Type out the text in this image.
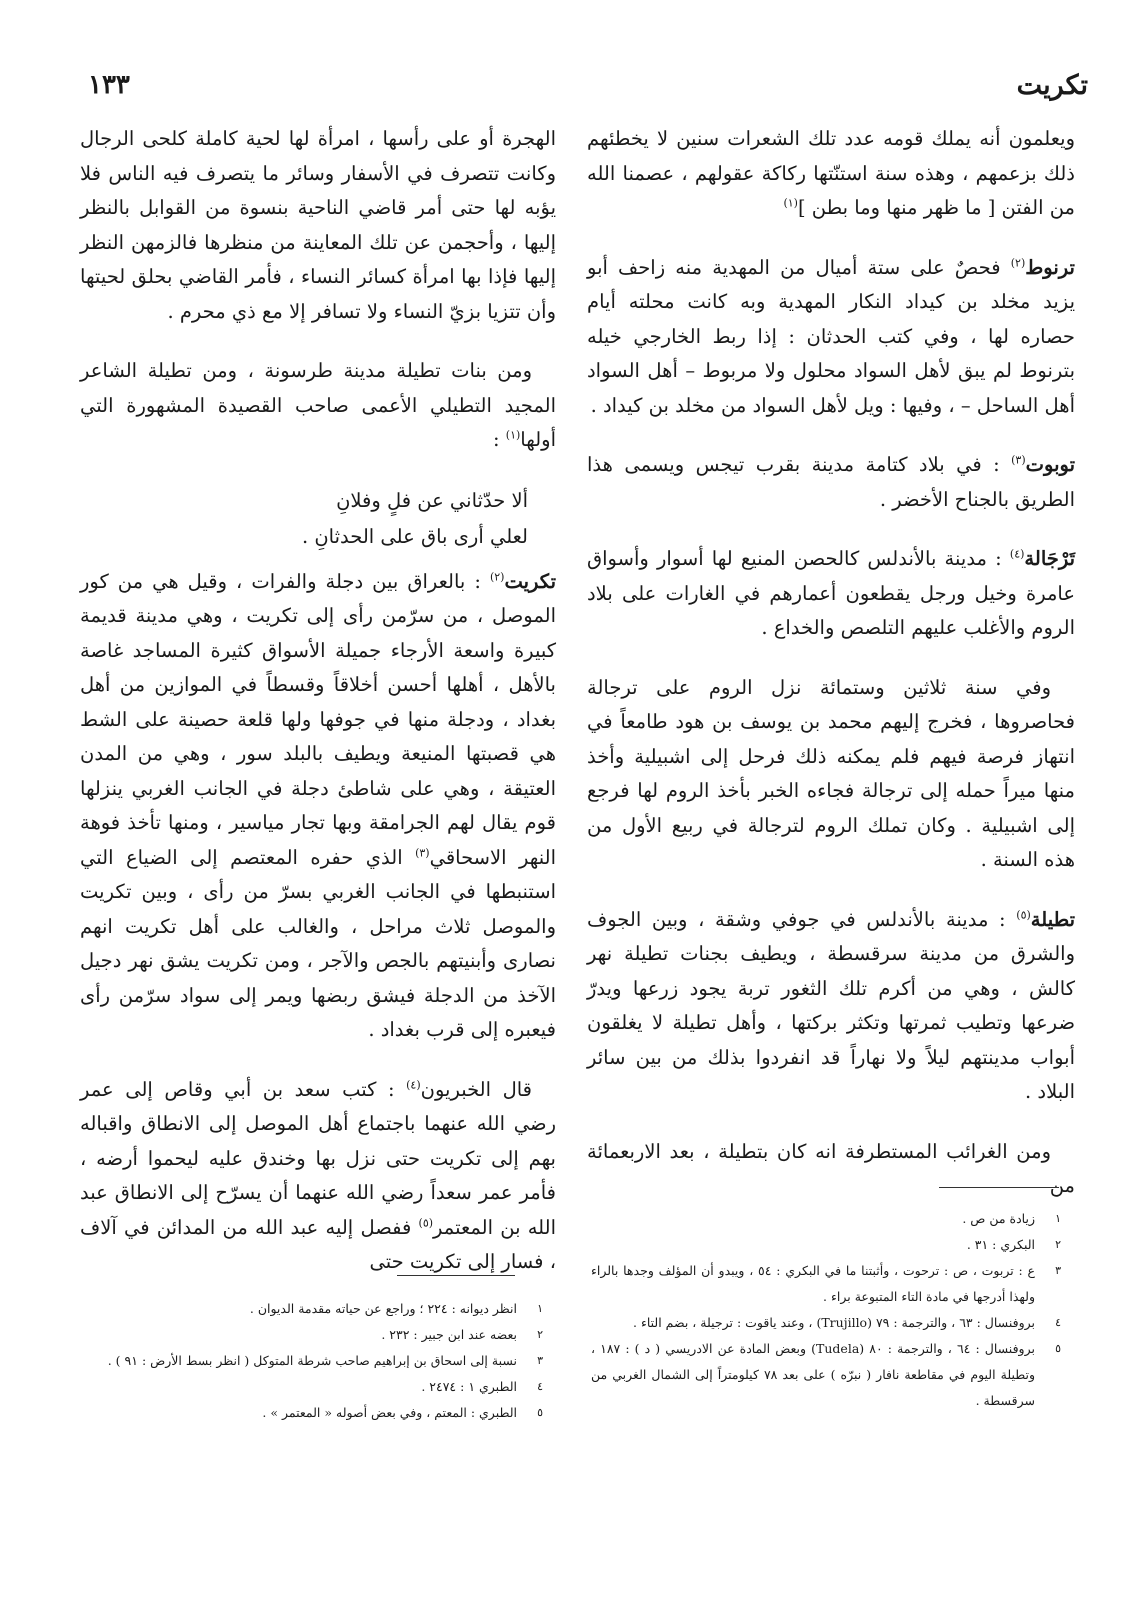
تكريت
١٣٣

ويعلمون أنه يملك قومه عدد تلك الشعرات سنين لا يخطئهم ذلك بزعمهم ، وهذه سنة استنّتها ركاكة عقولهم ، عصمنا الله من الفتن [ ما ظهر منها وما بطن ]$^{(١)}$

ترنوط$^{(٢)}$ فحصٌ على ستة أميال من المهدية منه زاحف أبو يزيد مخلد بن كيداد النكار المهدية وبه كانت محلته أيام حصاره لها ، وفي كتب الحدثان : إذا ربط الخارجي خيله بترنوط لم يبق لأهل السواد محلول ولا مربوط – أهل السواد أهل الساحل – ، وفيها : ويل لأهل السواد من مخلد بن كيداد .

توبوت$^{(٣)}$ : في بلاد كتامة مدينة بقرب تيجس ويسمى هذا الطريق بالجناح الأخضر .

تَرْجَالة$^{(٤)}$ : مدينة بالأندلس كالحصن المنيع لها أسوار وأسواق عامرة وخيل ورجل يقطعون أعمارهم في الغارات على بلاد الروم والأغلب عليهم التلصص والخداع .

وفي سنة ثلاثين وستمائة نزل الروم على ترجالة فحاصروها ، فخرج إليهم محمد بن يوسف بن هود طامعاً في انتهاز فرصة فيهم فلم يمكنه ذلك فرحل إلى اشبيلية وأخذ منها ميراً حمله إلى ترجالة فجاءه الخبر بأخذ الروم لها فرجع إلى اشبيلية . وكان تملك الروم لترجالة في ربيع الأول من هذه السنة .

تطيلة$^{(٥)}$ : مدينة بالأندلس في جوفي وشقة ، وبين الجوف والشرق من مدينة سرقسطة ، ويطيف بجنات تطيلة نهر كالش ، وهي من أكرم تلك الثغور تربة يجود زرعها ويدرّ ضرعها وتطيب ثمرتها وتكثر بركتها ، وأهل تطيلة لا يغلقون أبواب مدينتهم ليلاً ولا نهاراً قد انفردوا بذلك من بين سائر البلاد .

ومن الغرائب المستطرفة انه كان بتطيلة ، بعد الاربعمائة من

الهجرة أو على رأسها ، امرأة لها لحية كاملة كلحى الرجال وكانت تتصرف في الأسفار وسائر ما يتصرف فيه الناس فلا يؤبه لها حتى أمر قاضي الناحية بنسوة من القوابل بالنظر إليها ، وأحجمن عن تلك المعاينة من منظرها فالزمهن النظر إليها فإذا بها امرأة كسائر النساء ، فأمر القاضي بحلق لحيتها وأن تتزيا بزيّ النساء ولا تسافر إلا مع ذي محرم .

ومن بنات تطيلة مدينة طرسونة ، ومن تطيلة الشاعر المجيد التطيلي الأعمى صاحب القصيدة المشهورة التي أولها$^{(١)}$ :

ألا حدّثاني عن فلٍ وفلانِ
لعلي أرى باق على الحدثانِ .

تكريت$^{(٢)}$ : بالعراق بين دجلة والفرات ، وقيل هي من كور الموصل ، من سرّمن رأى إلى تكريت ، وهي مدينة قديمة كبيرة واسعة الأرجاء جميلة الأسواق كثيرة المساجد غاصة بالأهل ، أهلها أحسن أخلاقاً وقسطاً في الموازين من أهل بغداد ، ودجلة منها في جوفها ولها قلعة حصينة على الشط هي قصبتها المنيعة ويطيف بالبلد سور ، وهي من المدن العتيقة ، وهي على شاطئ دجلة في الجانب الغربي ينزلها قوم يقال لهم الجرامقة وبها تجار مياسير ، ومنها تأخذ فوهة النهر الاسحاقي$^{(٣)}$ الذي حفره المعتصم إلى الضياع التي استنبطها في الجانب الغربي بسرّ من رأى ، وبين تكريت والموصل ثلاث مراحل ، والغالب على أهل تكريت انهم نصارى وأبنيتهم بالجص والآجر ، ومن تكريت يشق نهر دجيل الآخذ من الدجلة فيشق ربضها ويمر إلى سواد سرّمن رأى فيعبره إلى قرب بغداد .

قال الخبريون$^{(٤)}$ : كتب سعد بن أبي وقاص إلى عمر رضي الله عنهما باجتماع أهل الموصل إلى الانطاق واقباله بهم إلى تكريت حتى نزل بها وخندق عليه ليحموا أرضه ، فأمر عمر سعداً رضي الله عنهما أن يسرّح إلى الانطاق عبد الله بن المعتمر$^{(٥)}$ ففصل إليه عبد الله من المدائن في آلاف ، فسار إلى تكريت حتى

١
زيادة من ص .
٢
البكري : ٣١ .
٣
ع : تربوت ، ص : ترحوت ، وأثبتنا ما في البكري : ٥٤ ، ويبدو أن المؤلف وجدها بالراء ولهذا أدرجها في مادة التاء المتبوعة براء .
٤
بروفنسال : ٦٣ ، والترجمة : ٧٩ (Trujillo) ، وعند ياقوت : ترجيلة ، بضم التاء .
٥
بروفنسال : ٦٤ ، والترجمة : ٨٠ (Tudela) وبعض المادة عن الادريسي ( د ) : ١٨٧ ، وتطيلة اليوم في مقاطعة نافار ( نبرّه ) على بعد ٧٨ كيلومتراً إلى الشمال الغربي من سرقسطة .
١
انظر ديوانه : ٢٢٤ ؛ وراجع عن حياته مقدمة الديوان .
٢
بعضه عند ابن جبير : ٢٣٢ .
٣
نسبة إلى اسحاق بن إبراهيم صاحب شرطة المتوكل ( انظر بسط الأرض : ٩١ ) .
٤
الطبري ١ : ٢٤٧٤ .
٥
الطبري : المعتم ، وفي بعض أصوله « المعتمر » .
